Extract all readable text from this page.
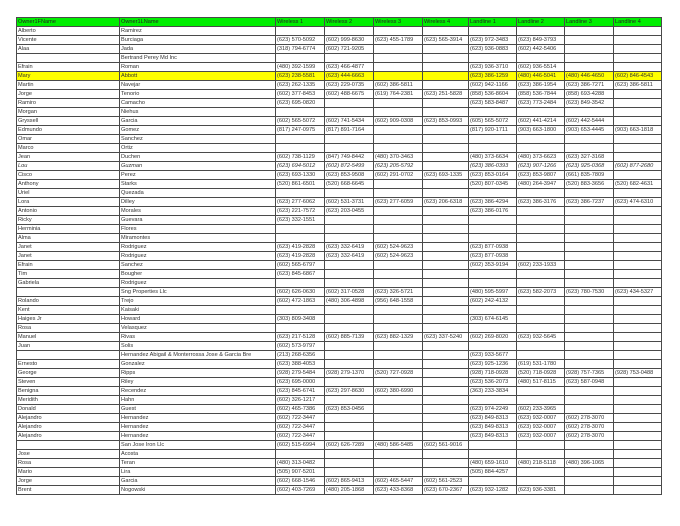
Owner1FName	Owner1LName	Wireless 1	Wireless 2	Wireless 3	Wireless 4	Landline 1	Landline 2	Landline 3	Landline 4
Alberto	Ramirez								
Vicente	Burciaga	(623) 570-5092	(602) 999-8630	(623) 455-1789	(623) 565-3914	(623) 972-3483	(623) 849-3793		
Alaa	Jada	(318) 794-6774	(602) 721-9205			(623) 936-0883	(602) 442-5406		
	Bertrand Perey Md Inc								
Efrain	Roman	(480) 392-1599	(623) 466-4877			(623) 936-3710	(602) 936-5514		
Mary	Abbott	(623) 238-5581	(623) 444-6663			(623) 386-1259	(480) 446-5041	(480) 446-4650	(602) 846-4543
Martin	Navejar	(623) 262-1335	(623) 229-0735	(602) 386-5811		(602) 942-1166	(623) 386-1954	(623) 386-7271	(623) 386-5811
Jorge	Tenorio	(602) 377-8453	(602) 488-6675	(619) 764-2381	(623) 251-5828	(858) 536-8604	(858) 536-7844	(858) 693-4288	
Ramiro	Camacho	(623) 695-0820				(623) 583-8487	(623) 773-2484	(623) 849-3542	
Morgan	Niehus								
Gryssell	Garcia	(602) 565-5072	(602) 741-5434	(602) 909-0308	(623) 853-0993	(605) 565-5072	(602) 441-4214	(602) 442-5444	
Edmundo	Gomez	(817) 247-0975	(817) 891-7164			(817) 920-1711	(903) 663-1800	(903) 653-4445	(903) 663-1818
Omar	Sanchez								
Marco	Ortiz								
Jean	Duchen	(602) 738-1129	(847) 749-8442	(480) 370-3463		(480) 373-6634	(480) 373-6623	(623) 327-3168	
Lou	Guzman	(623) 694-5012	(602) 872-5499	(623) 205-5792		(623) 386-0393	(623) 907-1266	(623) 925-0368	(602) 877-2680
Cisco	Perez	(623) 693-1330	(623) 853-9508	(602) 291-0702	(623) 693-1335	(623) 853-0164	(623) 853-9807	(661) 835-7809	
Anthony	Starks	(520) 861-6501	(520) 668-6645			(520) 807-0345	(480) 264-3947	(520) 883-3656	(520) 682-4631
Uriel	Quezada								
Lora	Dilley	(623) 277-6062	(602) 531-3731	(623) 277-6059	(623) 206-6318	(623) 386-4294	(623) 386-3176	(623) 386-7237	(623) 474-6310
Antonio	Morales	(623) 221-7572	(623) 203-0455			(623) 386-0176			
Ricky	Guevara	(623) 332-1551							
Herminia	Flores								
Alma	Miramontes								
Janet	Rodriguez	(623) 419-2828	(623) 332-6419	(602) 524-9623		(623) 877-0938			
Janet	Rodriguez	(623) 419-2828	(623) 332-6419	(602) 524-9623		(623) 877-0938			
Efrain	Sanchez	(602) 565-6797				(602) 353-9194	(602) 233-1933		
Tim	Bougher	(623) 845-6867							
Gabriela	Rodriguez								
	Sng Properties Llc	(602) 626-0630	(602) 317-0528	(623) 326-5721		(480) 595-5997	(623) 582-2073	(623) 780-7530	(623) 434-5327
Rolando	Trejo	(602) 472-1863	(480) 306-4898	(956) 648-1558		(602) 242-4132			
Kent	Kaisaki								
Haiges Jr	Howard	(303) 809-3408				(303) 674-6145			
Rosa	Velasquez								
Manuel	Rivas	(623) 217-5128	(602) 885-7139	(623) 882-1329	(623) 337-5240	(602) 269-8020	(623) 932-5645		
Juan	Solis	(602) 573-9797							
	Hernandez Abigail & Monterrossa Jose & Garcia Bre	(213) 268-6356				(623) 933-5677			
Ernesto	Gonzalez	(623) 388-4053				(623) 925-1236	(619) 531-1780		
George	Ripps	(928) 279-5484	(928) 279-1370	(520) 727-0928		(928) 718-0928	(520) 718-0928	(928) 757-7365	(928) 753-0488
Steven	Riley	(623) 695-0000				(623) 536-2073	(480) 517-8115	(623) 587-0948	
Benigna	Recendez	(623) 845-6741	(623) 297-8630	(602) 380-6990		(363) 233-3834			
Meridith	Hahn	(602) 326-1217							
Donald	Guest	(602) 465-7386	(623) 853-0456			(623) 974-2249	(602) 233-3965		
Alejandro	Hernandez	(602) 722-3447				(623) 849-8313	(623) 932-0007	(602) 278-3070	
Alejandro	Hernandez	(602) 722-3447				(623) 849-8313	(623) 932-0007	(602) 278-3070	
Alejandro	Hernandez	(602) 722-3447				(623) 849-8313	(623) 932-0007	(602) 278-3070	
	San Jose Iron Llc	(602) 515-6994	(602) 626-7289	(480) 586-5485	(602) 561-9016				
Jose	Acosta								
Rosa	Teran	(480) 313-0482				(480) 659-1610	(480) 218-5118	(480) 396-1065	
Mario	Lira	(505) 907-5201				(505) 884-4257			
Jorge	Garcia	(602) 668-1546	(602) 865-9413	(602) 465-5447	(602) 561-2523				
Brent	Nogowski	(602) 403-7269	(480) 205-1868	(623) 433-8368	(623) 670-2367	(623) 932-1282	(623) 936-3381		
